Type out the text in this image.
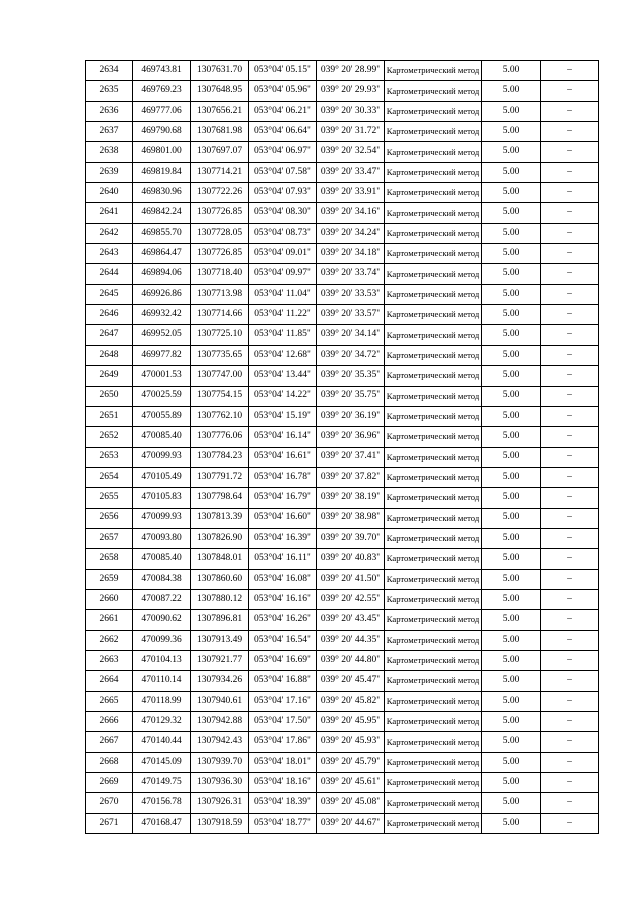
2634	469743.81	1307631.70	053°04' 05.15"	039° 20' 28.99"	Картометрический метод	5.00	–
2635	469769.23	1307648.95	053°04' 05.96"	039° 20' 29.93"	Картометрический метод	5.00	–
2636	469777.06	1307656.21	053°04' 06.21"	039° 20' 30.33"	Картометрический метод	5.00	–
2637	469790.68	1307681.98	053°04' 06.64"	039° 20' 31.72"	Картометрический метод	5.00	–
2638	469801.00	1307697.07	053°04' 06.97"	039° 20' 32.54"	Картометрический метод	5.00	–
2639	469819.84	1307714.21	053°04' 07.58"	039° 20' 33.47"	Картометрический метод	5.00	–
2640	469830.96	1307722.26	053°04' 07.93"	039° 20' 33.91"	Картометрический метод	5.00	–
2641	469842.24	1307726.85	053°04' 08.30"	039° 20' 34.16"	Картометрический метод	5.00	–
2642	469855.70	1307728.05	053°04' 08.73"	039° 20' 34.24"	Картометрический метод	5.00	–
2643	469864.47	1307726.85	053°04' 09.01"	039° 20' 34.18"	Картометрический метод	5.00	–
2644	469894.06	1307718.40	053°04' 09.97"	039° 20' 33.74"	Картометрический метод	5.00	–
2645	469926.86	1307713.98	053°04' 11.04"	039° 20' 33.53"	Картометрический метод	5.00	–
2646	469932.42	1307714.66	053°04' 11.22"	039° 20' 33.57"	Картометрический метод	5.00	–
2647	469952.05	1307725.10	053°04' 11.85"	039° 20' 34.14"	Картометрический метод	5.00	–
2648	469977.82	1307735.65	053°04' 12.68"	039° 20' 34.72"	Картометрический метод	5.00	–
2649	470001.53	1307747.00	053°04' 13.44"	039° 20' 35.35"	Картометрический метод	5.00	–
2650	470025.59	1307754.15	053°04' 14.22"	039° 20' 35.75"	Картометрический метод	5.00	–
2651	470055.89	1307762.10	053°04' 15.19"	039° 20' 36.19"	Картометрический метод	5.00	–
2652	470085.40	1307776.06	053°04' 16.14"	039° 20' 36.96"	Картометрический метод	5.00	–
2653	470099.93	1307784.23	053°04' 16.61"	039° 20' 37.41"	Картометрический метод	5.00	–
2654	470105.49	1307791.72	053°04' 16.78"	039° 20' 37.82"	Картометрический метод	5.00	–
2655	470105.83	1307798.64	053°04' 16.79"	039° 20' 38.19"	Картометрический метод	5.00	–
2656	470099.93	1307813.39	053°04' 16.60"	039° 20' 38.98"	Картометрический метод	5.00	–
2657	470093.80	1307826.90	053°04' 16.39"	039° 20' 39.70"	Картометрический метод	5.00	–
2658	470085.40	1307848.01	053°04' 16.11"	039° 20' 40.83"	Картометрический метод	5.00	–
2659	470084.38	1307860.60	053°04' 16.08"	039° 20' 41.50"	Картометрический метод	5.00	–
2660	470087.22	1307880.12	053°04' 16.16"	039° 20' 42.55"	Картометрический метод	5.00	–
2661	470090.62	1307896.81	053°04' 16.26"	039° 20' 43.45"	Картометрический метод	5.00	–
2662	470099.36	1307913.49	053°04' 16.54"	039° 20' 44.35"	Картометрический метод	5.00	–
2663	470104.13	1307921.77	053°04' 16.69"	039° 20' 44.80"	Картометрический метод	5.00	–
2664	470110.14	1307934.26	053°04' 16.88"	039° 20' 45.47"	Картометрический метод	5.00	–
2665	470118.99	1307940.61	053°04' 17.16"	039° 20' 45.82"	Картометрический метод	5.00	–
2666	470129.32	1307942.88	053°04' 17.50"	039° 20' 45.95"	Картометрический метод	5.00	–
2667	470140.44	1307942.43	053°04' 17.86"	039° 20' 45.93"	Картометрический метод	5.00	–
2668	470145.09	1307939.70	053°04' 18.01"	039° 20' 45.79"	Картометрический метод	5.00	–
2669	470149.75	1307936.30	053°04' 18.16"	039° 20' 45.61"	Картометрический метод	5.00	–
2670	470156.78	1307926.31	053°04' 18.39"	039° 20' 45.08"	Картометрический метод	5.00	–
2671	470168.47	1307918.59	053°04' 18.77"	039° 20' 44.67"	Картометрический метод	5.00	–
